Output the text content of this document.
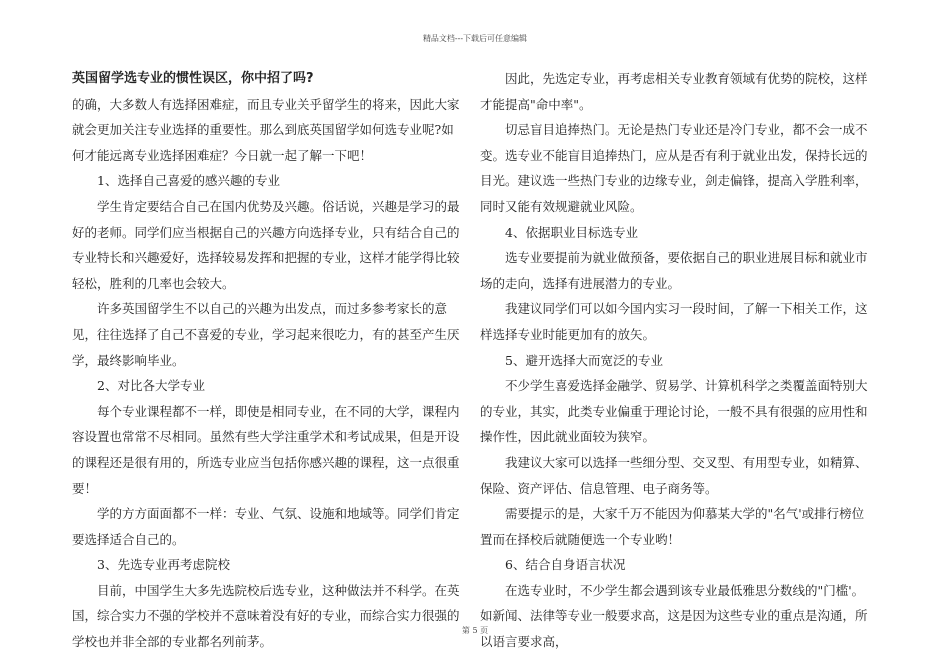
精品文档---下载后可任意编辑

英国留学选专业的惯性误区，你中招了吗?

的确，大多数人有选择困难症，而且专业关乎留学生的将来，因此大家就会更加关注专业选择的重要性。那么到底英国留学如何选专业呢?如何才能远离专业选择困难症？今日就一起了解一下吧！

1、选择自己喜爱的感兴趣的专业

学生肯定要结合自己在国内优势及兴趣。俗话说，兴趣是学习的最好的老师。同学们应当根据自己的兴趣方向选择专业，只有结合自己的专业特长和兴趣爱好，选择较易发挥和把握的专业，这样才能学得比较轻松，胜利的几率也会较大。

许多英国留学生不以自己的兴趣为出发点，而过多参考家长的意见，往往选择了自己不喜爱的专业，学习起来很吃力，有的甚至产生厌学，最终影响毕业。

2、对比各大学专业

每个专业课程都不一样，即使是相同专业，在不同的大学，课程内容设置也常常不尽相同。虽然有些大学注重学术和考试成果，但是开设的课程还是很有用的，所选专业应当包括你感兴趣的课程，这一点很重要！

学的方方面面都不一样：专业、气氛、设施和地域等。同学们肯定要选择适合自己的。

3、先选专业再考虑院校

目前，中国学生大多先选院校后选专业，这种做法并不科学。在英国，综合实力不强的学校并不意味着没有好的专业，而综合实力很强的学校也并非全部的专业都名列前茅。

因此，先选定专业，再考虑相关专业教育领域有优势的院校，这样才能提高"命中率"。

切忌盲目追捧热门。无论是热门专业还是冷门专业，都不会一成不变。选专业不能盲目追捧热门，应从是否有利于就业出发，保持长远的目光。建议选一些热门专业的边缘专业，剑走偏锋，提高入学胜利率，同时又能有效规避就业风险。

4、依据职业目标选专业

选专业要提前为就业做预备，要依据自己的职业进展目标和就业市场的走向，选择有进展潜力的专业。

我建议同学们可以如今国内实习一段时间，了解一下相关工作，这样选择专业时能更加有的放矢。

5、避开选择大而宽泛的专业

不少学生喜爱选择金融学、贸易学、计算机科学之类覆盖面特别大的专业，其实，此类专业偏重于理论讨论，一般不具有很强的应用性和操作性，因此就业面较为狭窄。

我建议大家可以选择一些细分型、交叉型、有用型专业，如精算、保险、资产评估、信息管理、电子商务等。

需要提示的是，大家千万不能因为仰慕某大学的"名气'或排行榜位置而在择校后就随便选一个专业哟！

6、结合自身语言状况

在选专业时，不少学生都会遇到该专业最低雅思分数线的"门槛'。如新闻、法律等专业一般要求高，这是因为这些专业的重点是沟通，所以语言要求高，

第 5 页
